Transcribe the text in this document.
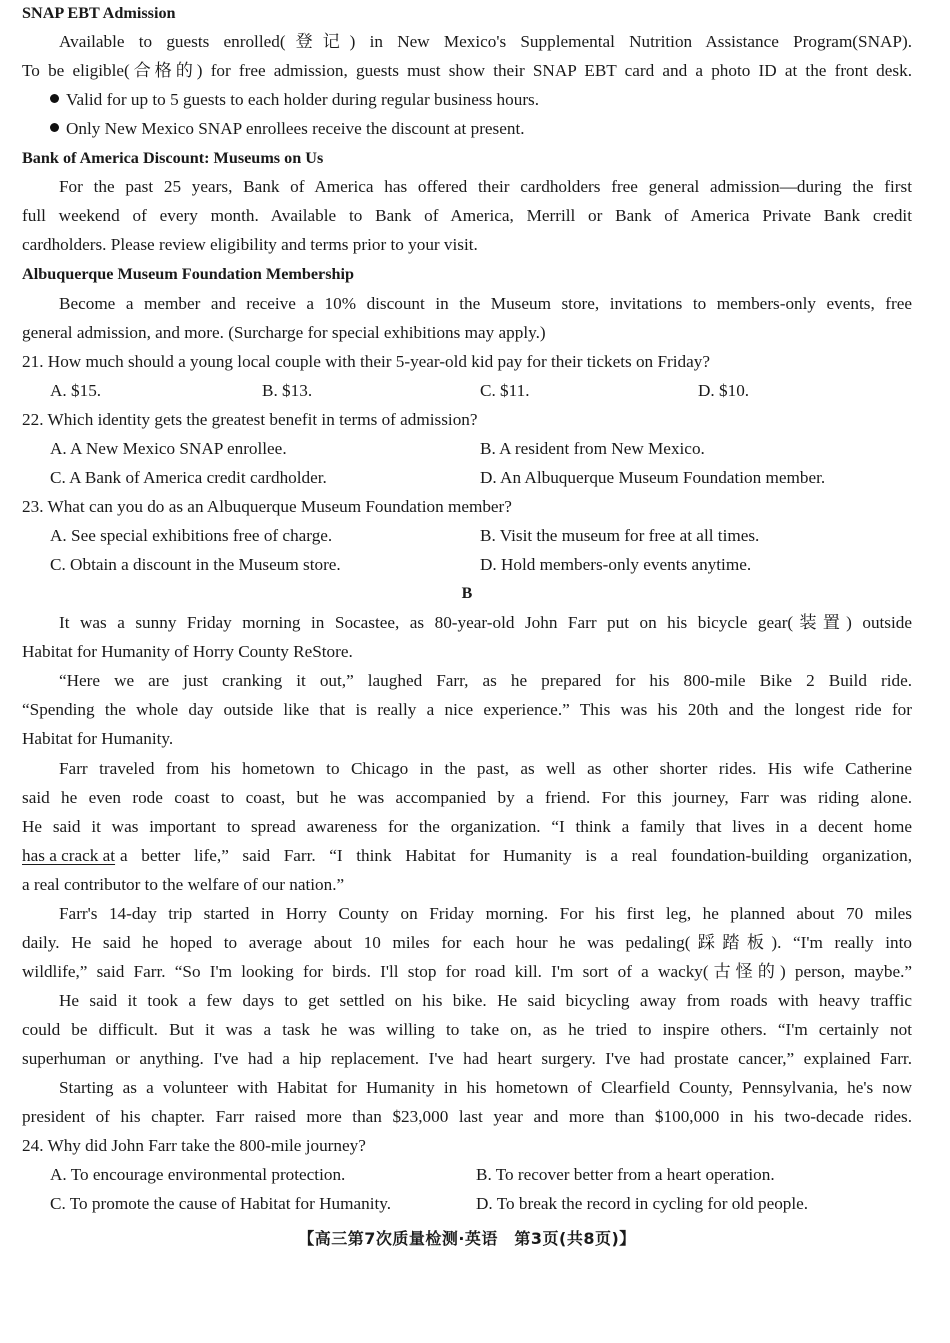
SNAP EBT Admission
Available to guests enrolled(登记) in New Mexico's Supplemental Nutrition Assistance Program(SNAP).
To be eligible(合格的) for free admission, guests must show their SNAP EBT card and a photo ID at the front desk.
Valid for up to 5 guests to each holder during regular business hours.
Only New Mexico SNAP enrollees receive the discount at present.
Bank of America Discount: Museums on Us
For the past 25 years, Bank of America has offered their cardholders free general admission—during the first
full weekend of every month. Available to Bank of America, Merrill or Bank of America Private Bank credit
cardholders. Please review eligibility and terms prior to your visit.
Albuquerque Museum Foundation Membership
Become a member and receive a 10% discount in the Museum store, invitations to members-only events, free
general admission, and more. (Surcharge for special exhibitions may apply.)
21. How much should a young local couple with their 5-year-old kid pay for their tickets on Friday?
A. $15.	B. $13.	C. $11.	D. $10.
22. Which identity gets the greatest benefit in terms of admission?
A. A New Mexico SNAP enrollee.	B. A resident from New Mexico.
C. A Bank of America credit cardholder.	D. An Albuquerque Museum Foundation member.
23. What can you do as an Albuquerque Museum Foundation member?
A. See special exhibitions free of charge.	B. Visit the museum for free at all times.
C. Obtain a discount in the Museum store.	D. Hold members-only events anytime.
B
It was a sunny Friday morning in Socastee, as 80-year-old John Farr put on his bicycle gear(装置) outside
Habitat for Humanity of Horry County ReStore.
“Here we are just cranking it out,” laughed Farr, as he prepared for his 800-mile Bike 2 Build ride.
“Spending the whole day outside like that is really a nice experience.” This was his 20th and the longest ride for
Habitat for Humanity.
Farr traveled from his hometown to Chicago in the past, as well as other shorter rides. His wife Catherine
said he even rode coast to coast, but he was accompanied by a friend. For this journey, Farr was riding alone.
He said it was important to spread awareness for the organization. “I think a family that lives in a decent home
has a crack at a better life,” said Farr. “I think Habitat for Humanity is a real foundation-building organization,
a real contributor to the welfare of our nation.”
Farr's 14-day trip started in Horry County on Friday morning. For his first leg, he planned about 70 miles
daily. He said he hoped to average about 10 miles for each hour he was pedaling(踩踏板). “I'm really into
wildlife,” said Farr. “So I'm looking for birds. I'll stop for road kill. I'm sort of a wacky(古怪的) person, maybe.”
He said it took a few days to get settled on his bike. He said bicycling away from roads with heavy traffic
could be difficult. But it was a task he was willing to take on, as he tried to inspire others. “I'm certainly not
superhuman or anything. I've had a hip replacement. I've had heart surgery. I've had prostate cancer,” explained Farr.
Starting as a volunteer with Habitat for Humanity in his hometown of Clearfield County, Pennsylvania, he's now
president of his chapter. Farr raised more than $23,000 last year and more than $100,000 in his two-decade rides.
24. Why did John Farr take the 800-mile journey?
A. To encourage environmental protection.	B. To recover better from a heart operation.
C. To promote the cause of Habitat for Humanity.	D. To break the record in cycling for old people.
【高三第7次质量检测·英语　第3页(共8页)】
